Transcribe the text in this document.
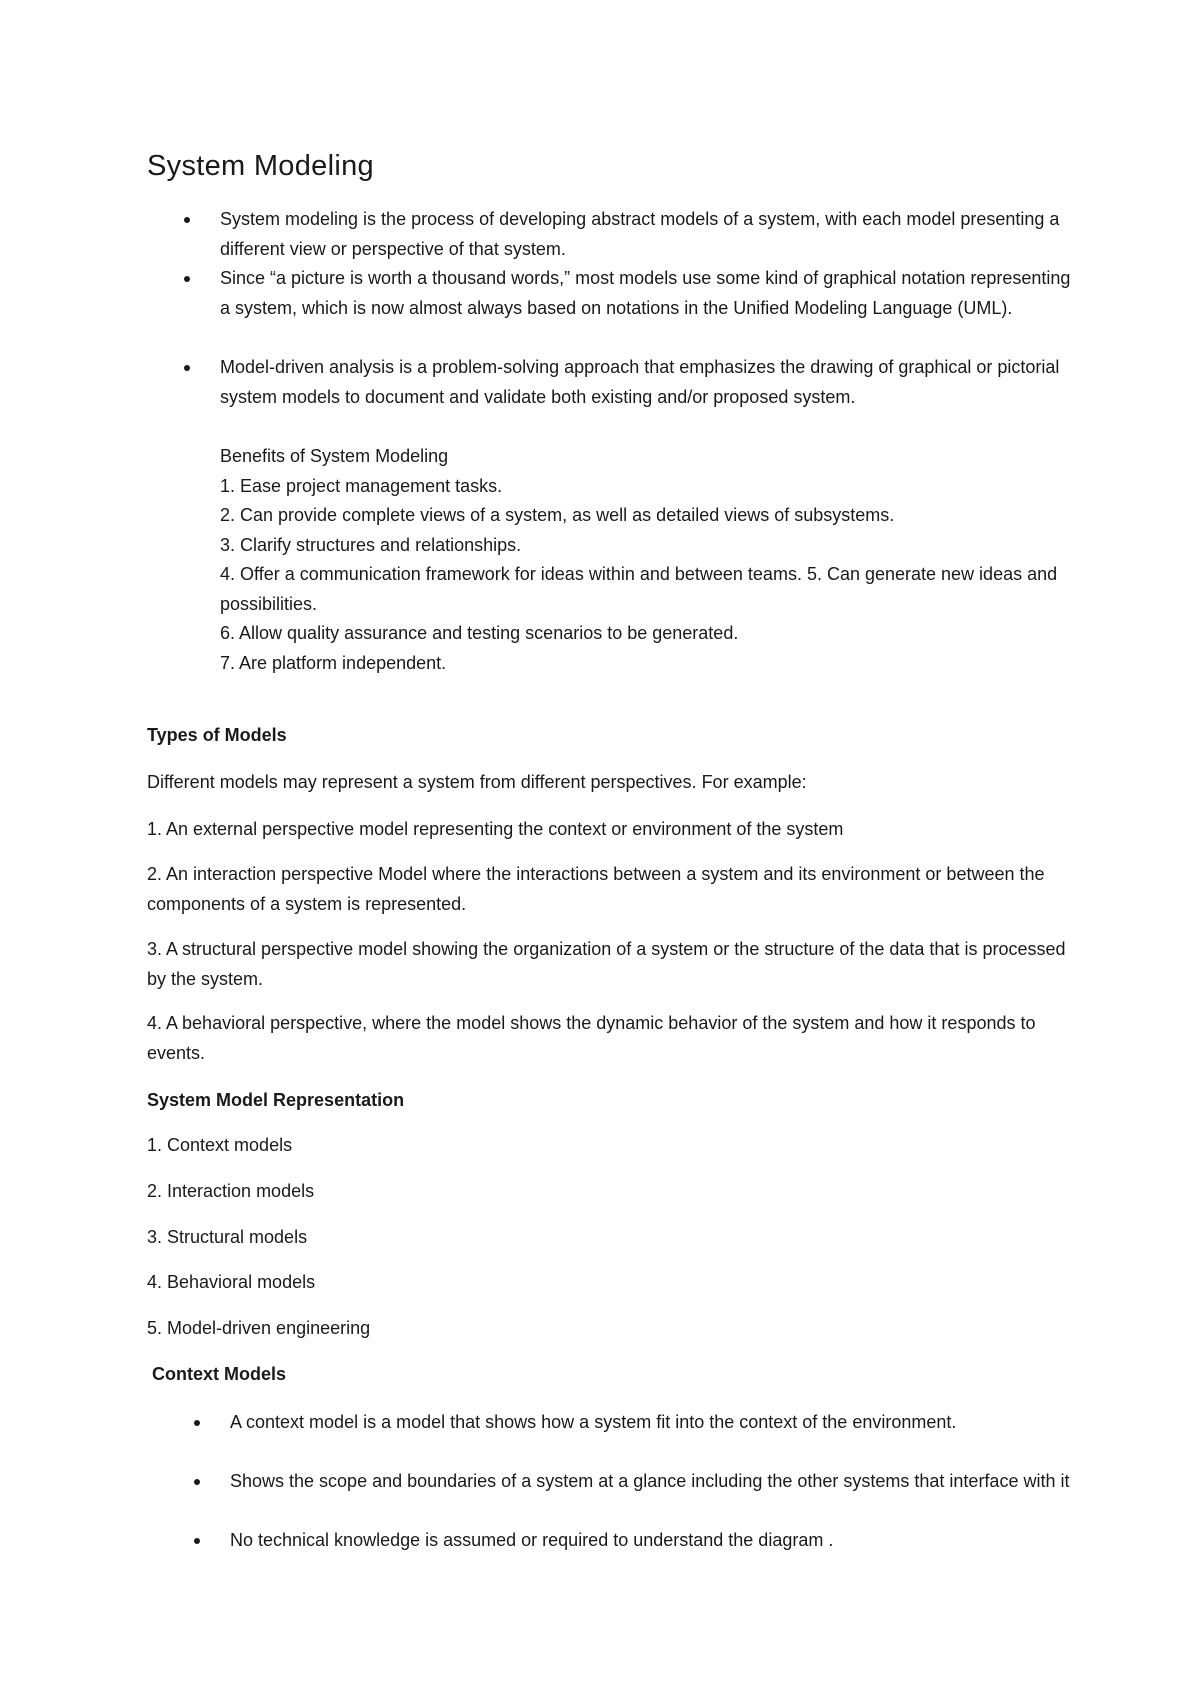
System Modeling
System modeling is the process of developing abstract models of a system, with each model presenting a different view or perspective of that system.
Since “a picture is worth a thousand words,” most models use some kind of graphical notation representing a system, which is now almost always based on notations in the Unified Modeling Language (UML).
Model-driven analysis is a problem-solving approach that emphasizes the drawing of graphical or pictorial system models to document and validate both existing and/or proposed system.
Benefits of System Modeling
1. Ease project management tasks.
2. Can provide complete views of a system, as well as detailed views of subsystems.
3. Clarify structures and relationships.
4. Offer a communication framework for ideas within and between teams. 5. Can generate new ideas and possibilities.
6. Allow quality assurance and testing scenarios to be generated.
7. Are platform independent.
Types of Models

Different models may represent a system from different perspectives. For example:

1. An external perspective model representing the context or environment of the system

2. An interaction perspective Model where the interactions between a system and its environment or between the components of a system is represented.

3. A structural perspective model showing the organization of a system or the structure of the data that is processed by the system.

4. A behavioral perspective, where the model shows the dynamic behavior of the system and how it responds to events.

System Model Representation

1. Context models

2. Interaction models

3. Structural models

4. Behavioral models

5. Model-driven engineering

Context Models
A context model is a model that shows how a system fit into the context of the environment.
Shows the scope and boundaries of a system at a glance including the other systems that interface with it
No technical knowledge is assumed or required to understand the diagram .
